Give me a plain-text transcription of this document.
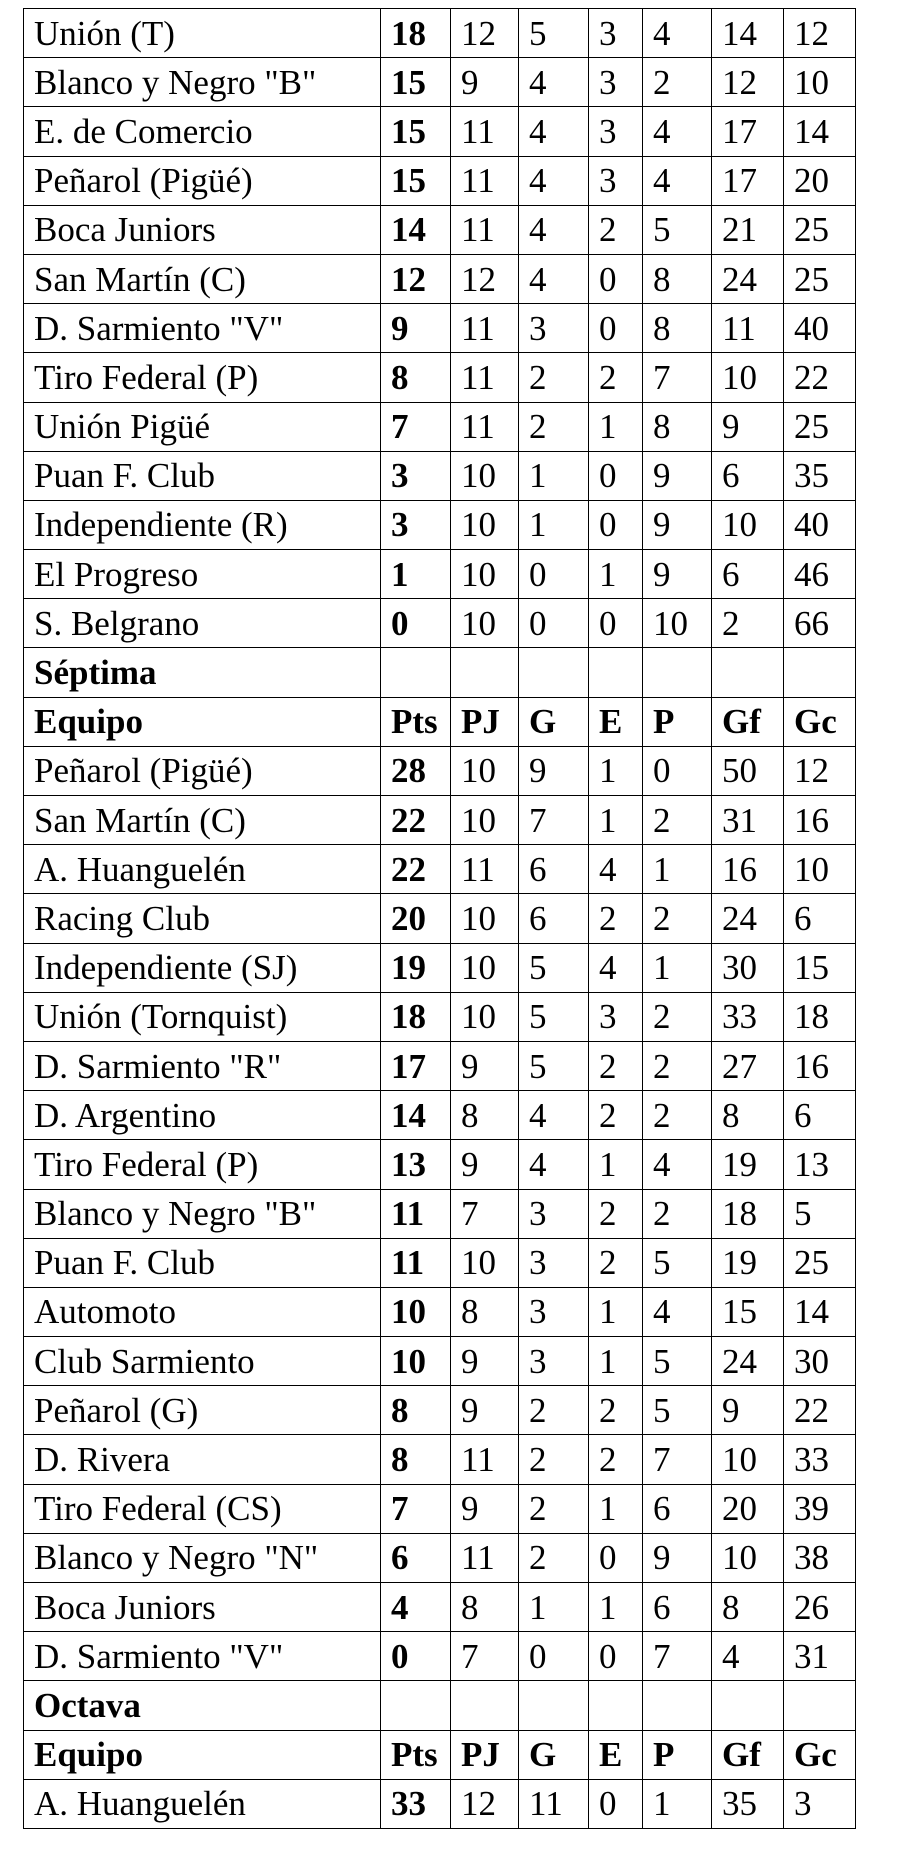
Unión (T)	18	12	5	3	4	14	12
Blanco y Negro "B"	15	9	4	3	2	12	10
E. de Comercio	15	11	4	3	4	17	14
Peñarol (Pigüé)	15	11	4	3	4	17	20
Boca Juniors	14	11	4	2	5	21	25
San Martín (C)	12	12	4	0	8	24	25
D. Sarmiento "V"	9	11	3	0	8	11	40
Tiro Federal (P)	8	11	2	2	7	10	22
Unión Pigüé	7	11	2	1	8	9	25
Puan F. Club	3	10	1	0	9	6	35
Independiente (R)	3	10	1	0	9	10	40
El Progreso	1	10	0	1	9	6	46
S. Belgrano	0	10	0	0	10	2	66
Séptima							
Equipo	Pts	PJ	G	E	P	Gf	Gc
Peñarol (Pigüé)	28	10	9	1	0	50	12
San Martín (C)	22	10	7	1	2	31	16
A. Huanguelén	22	11	6	4	1	16	10
Racing Club	20	10	6	2	2	24	6
Independiente (SJ)	19	10	5	4	1	30	15
Unión (Tornquist)	18	10	5	3	2	33	18
D. Sarmiento "R"	17	9	5	2	2	27	16
D. Argentino	14	8	4	2	2	8	6
Tiro Federal (P)	13	9	4	1	4	19	13
Blanco y Negro "B"	11	7	3	2	2	18	5
Puan F. Club	11	10	3	2	5	19	25
Automoto	10	8	3	1	4	15	14
Club Sarmiento	10	9	3	1	5	24	30
Peñarol (G)	8	9	2	2	5	9	22
D. Rivera	8	11	2	2	7	10	33
Tiro Federal (CS)	7	9	2	1	6	20	39
Blanco y Negro "N"	6	11	2	0	9	10	38
Boca Juniors	4	8	1	1	6	8	26
D. Sarmiento "V"	0	7	0	0	7	4	31
Octava							
Equipo	Pts	PJ	G	E	P	Gf	Gc
A. Huanguelén	33	12	11	0	1	35	3
